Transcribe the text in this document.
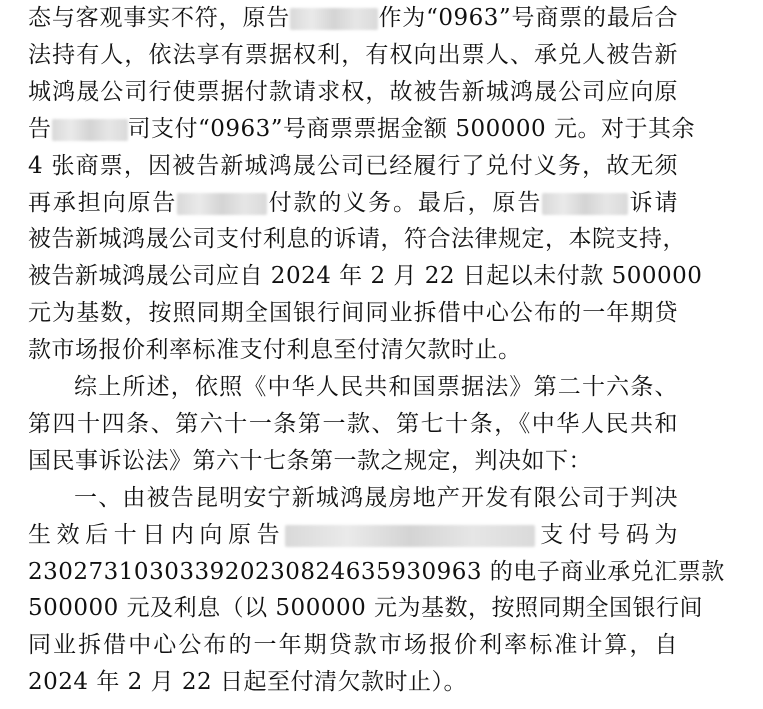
态与客观事实不符，原告	作为“0963”号商票的最后合
法持有人，依法享有票据权利，有权向出票人、承兑人被告新
城鸿晟公司行使票据付款请求权，故被告新城鸿晟公司应向原
告	司支付“0963”号商票票据金额 500000 元。对于其余
4 张商票，因被告新城鸿晟公司已经履行了兑付义务，故无须
再承担向原告	付款的义务。最后，原告	诉请
被告新城鸿晟公司支付利息的诉请，符合法律规定，本院支持，
被告新城鸿晟公司应自 2024 年 2 月 22 日起以未付款 500000
元为基数，按照同期全国银行间同业拆借中心公布的一年期贷
款市场报价利率标准支付利息至付清欠款时止。
综上所述，依照《中华人民共和国票据法》第二十六条、
第四十四条、第六十一条第一款、第七十条，《中华人民共和
国民事诉讼法》第六十七条第一款之规定，判决如下：
一、由被告昆明安宁新城鸿晟房地产开发有限公司于判决
生效后十日内向原告	支付号码为
230273103033920230824635930963 的电子商业承兑汇票款
500000 元及利息（以 500000 元为基数，按照同期全国银行间
同业拆借中心公布的一年期贷款市场报价利率标准计算，自
2024 年 2 月 22 日起至付清欠款时止）。
